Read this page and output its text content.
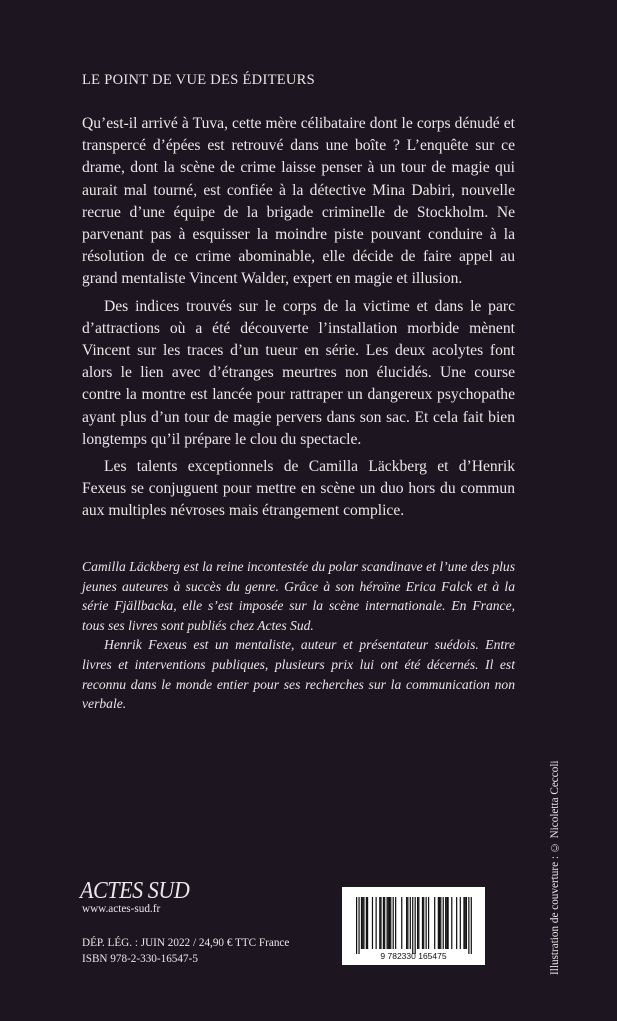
LE POINT DE VUE DES ÉDITEURS

Qu’est-il arrivé à Tuva, cette mère célibataire dont le corps dénudé et transpercé d’épées est retrouvé dans une boîte ? L’enquête sur ce drame, dont la scène de crime laisse penser à un tour de magie qui aurait mal tourné, est confiée à la détective Mina Dabiri, nouvelle recrue d’une équipe de la brigade criminelle de Stockholm. Ne parvenant pas à esquisser la moindre piste pouvant conduire à la résolution de ce crime abominable, elle décide de faire appel au grand mentaliste Vincent Walder, expert en magie et illusion.

Des indices trouvés sur le corps de la victime et dans le parc d’attractions où a été découverte l’installation morbide mènent Vincent sur les traces d’un tueur en série. Les deux acolytes font alors le lien avec d’étranges meurtres non élucidés. Une course contre la montre est lancée pour rattraper un dangereux psychopathe ayant plus d’un tour de magie pervers dans son sac. Et cela fait bien longtemps qu’il prépare le clou du spectacle.

Les talents exceptionnels de Camilla Läckberg et d’Henrik Fexeus se conjuguent pour mettre en scène un duo hors du commun aux multiples névroses mais étrangement complice.

Camilla Läckberg est la reine incontestée du polar scandinave et l’une des plus jeunes auteures à succès du genre. Grâce à son héroïne Erica Falck et à la série Fjällbacka, elle s’est imposée sur la scène internationale. En France, tous ses livres sont publiés chez Actes Sud.

Henrik Fexeus est un mentaliste, auteur et présentateur suédois. Entre livres et interventions publiques, plusieurs prix lui ont été décernés. Il est reconnu dans le monde entier pour ses recherches sur la communication non verbale.

Illustration de couverture : © Nicoletta Ceccoli
ACTES SUD
www.actes-sud.fr
DÉP. LÉG. : JUIN 2022 / 24,90 € TTC France
ISBN 978-2-330-16547-5	9 782330 165475
